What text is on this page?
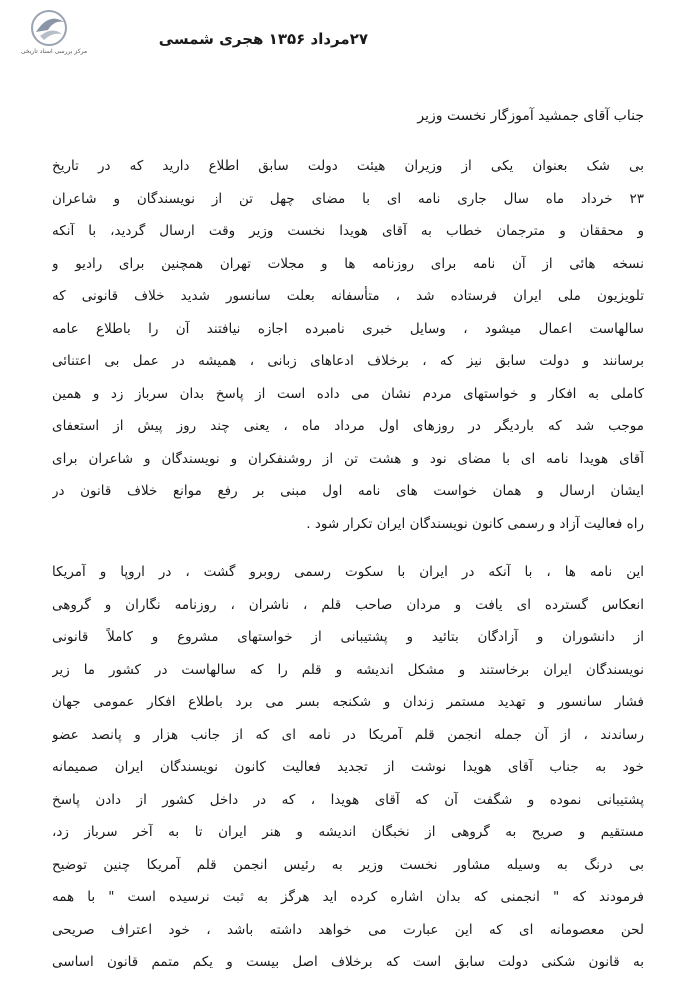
مرکز بررسی اسناد تاریخی
۲۷مرداد ۱۳۵۶ هجری شمسی
جناب آقای جمشید آموزگار نخست وزیر
بی شک بعنوان یکی از وزیران هیئت دولت سابق اطلاع دارید که در تاریخ
۲۳ خرداد ماه سال جاری نامه ای با مضای چهل تن از نویسندگان و شاعران
و محققان و مترجمان خطاب به آقای هویدا نخست وزیر وقت ارسال گردید، با آنکه
نسخه هائی از آن نامه برای روزنامه ها و مجلات تهران همچنین برای رادیو و
تلویزیون ملی ایران فرستاده شد ، متأسفانه بعلت سانسور شدید خلاف قانونی که
سالهاست اعمال میشود ، وسایل خبری نامبرده اجازه نیافتند آن را باطلاع عامه
برسانند و دولت سابق نیز که ، برخلاف ادعاهای زبانی ، همیشه در عمل بی اعتنائی
کاملی به افکار و خواستهای مردم نشان می داده است از پاسخ بدان سرباز زد و همین
موجب شد که باردیگر در روزهای اول مرداد ماه ، یعنی چند روز پیش از استعفای
آقای هویدا نامه ای با مضای نود و هشت تن از روشنفکران و نویسندگان و شاعران برای
ایشان ارسال و همان خواست های نامه اول مبنی بر رفع موانع خلاف قانون در
راه فعالیت آزاد و رسمی کانون نویسندگان ایران تکرار شود .
این نامه ها ، با آنکه در ایران با سکوت رسمی روبرو گشت ، در اروپا و آمریکا
انعکاس گسترده ای یافت و مردان صاحب قلم ، ناشران ، روزنامه نگاران و گروهی
از دانشوران و آزادگان بتائید و پشتیبانی از خواستهای مشروع و کاملاً قانونی
نویسندگان ایران برخاستند و مشکل اندیشه و قلم را که سالهاست در کشور ما زیر
فشار سانسور و تهدید مستمر زندان و شکنجه بسر می برد باطلاع افکار عمومی جهان
رساندند ، از آن جمله انجمن قلم آمریکا در نامه ای که از جانب هزار و پانصد عضو
خود به جناب آقای هویدا نوشت از تجدید فعالیت کانون نویسندگان ایران صمیمانه
پشتیبانی نموده و شگفت آن که آقای هویدا ، که در داخل کشور از دادن پاسخ
مستقیم و صریح به گروهی از نخبگان اندیشه و هنر ایران تا به آخر سرباز زد،
بی درنگ به وسیله مشاور نخست وزیر به رئیس انجمن قلم آمریکا چنین توضیح
فرمودند که " انجمنی که بدان اشاره کرده اید هرگز به ثبت نرسیده است " با همه
لحن معصومانه ای که این عبارت می خواهد داشته باشد ، خود اعتراف صریحی
به قانون شکنی دولت سابق است که برخلاف اصل بیست و یکم متمم قانون اساسی
